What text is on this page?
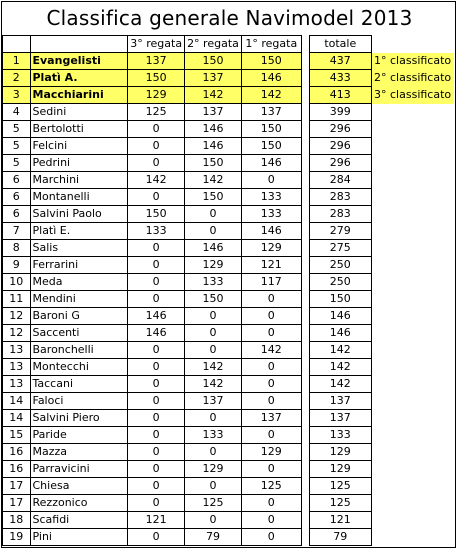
Classifica generale Navimodel 2013
		3° regata	2° regata	1° regata		totale	
1	Evangelisti	137	150	150		437	1° classificato
2	Platì A.	150	137	146		433	2° classificato
3	Macchiarini	129	142	142		413	3° classificato
4	Sedini	125	137	137		399	
5	Bertolotti	0	146	150		296	
5	Felcini	0	146	150		296	
5	Pedrini	0	150	146		296	
6	Marchini	142	142	0		284	
6	Montanelli	0	150	133		283	
6	Salvini Paolo	150	0	133		283	
7	Platì E.	133	0	146		279	
8	Salis	0	146	129		275	
9	Ferrarini	0	129	121		250	
10	Meda	0	133	117		250	
11	Mendini	0	150	0		150	
12	Baroni G	146	0	0		146	
12	Saccenti	146	0	0		146	
13	Baronchelli	0	0	142		142	
13	Montecchi	0	142	0		142	
13	Taccani	0	142	0		142	
14	Faloci	0	137	0		137	
14	Salvini Piero	0	0	137		137	
15	Paride	0	133	0		133	
16	Mazza	0	0	129		129	
16	Parravicini	0	129	0		129	
17	Chiesa	0	0	125		125	
17	Rezzonico	0	125	0		125	
18	Scafidi	121	0	0		121	
19	Pini	0	79	0		79	
